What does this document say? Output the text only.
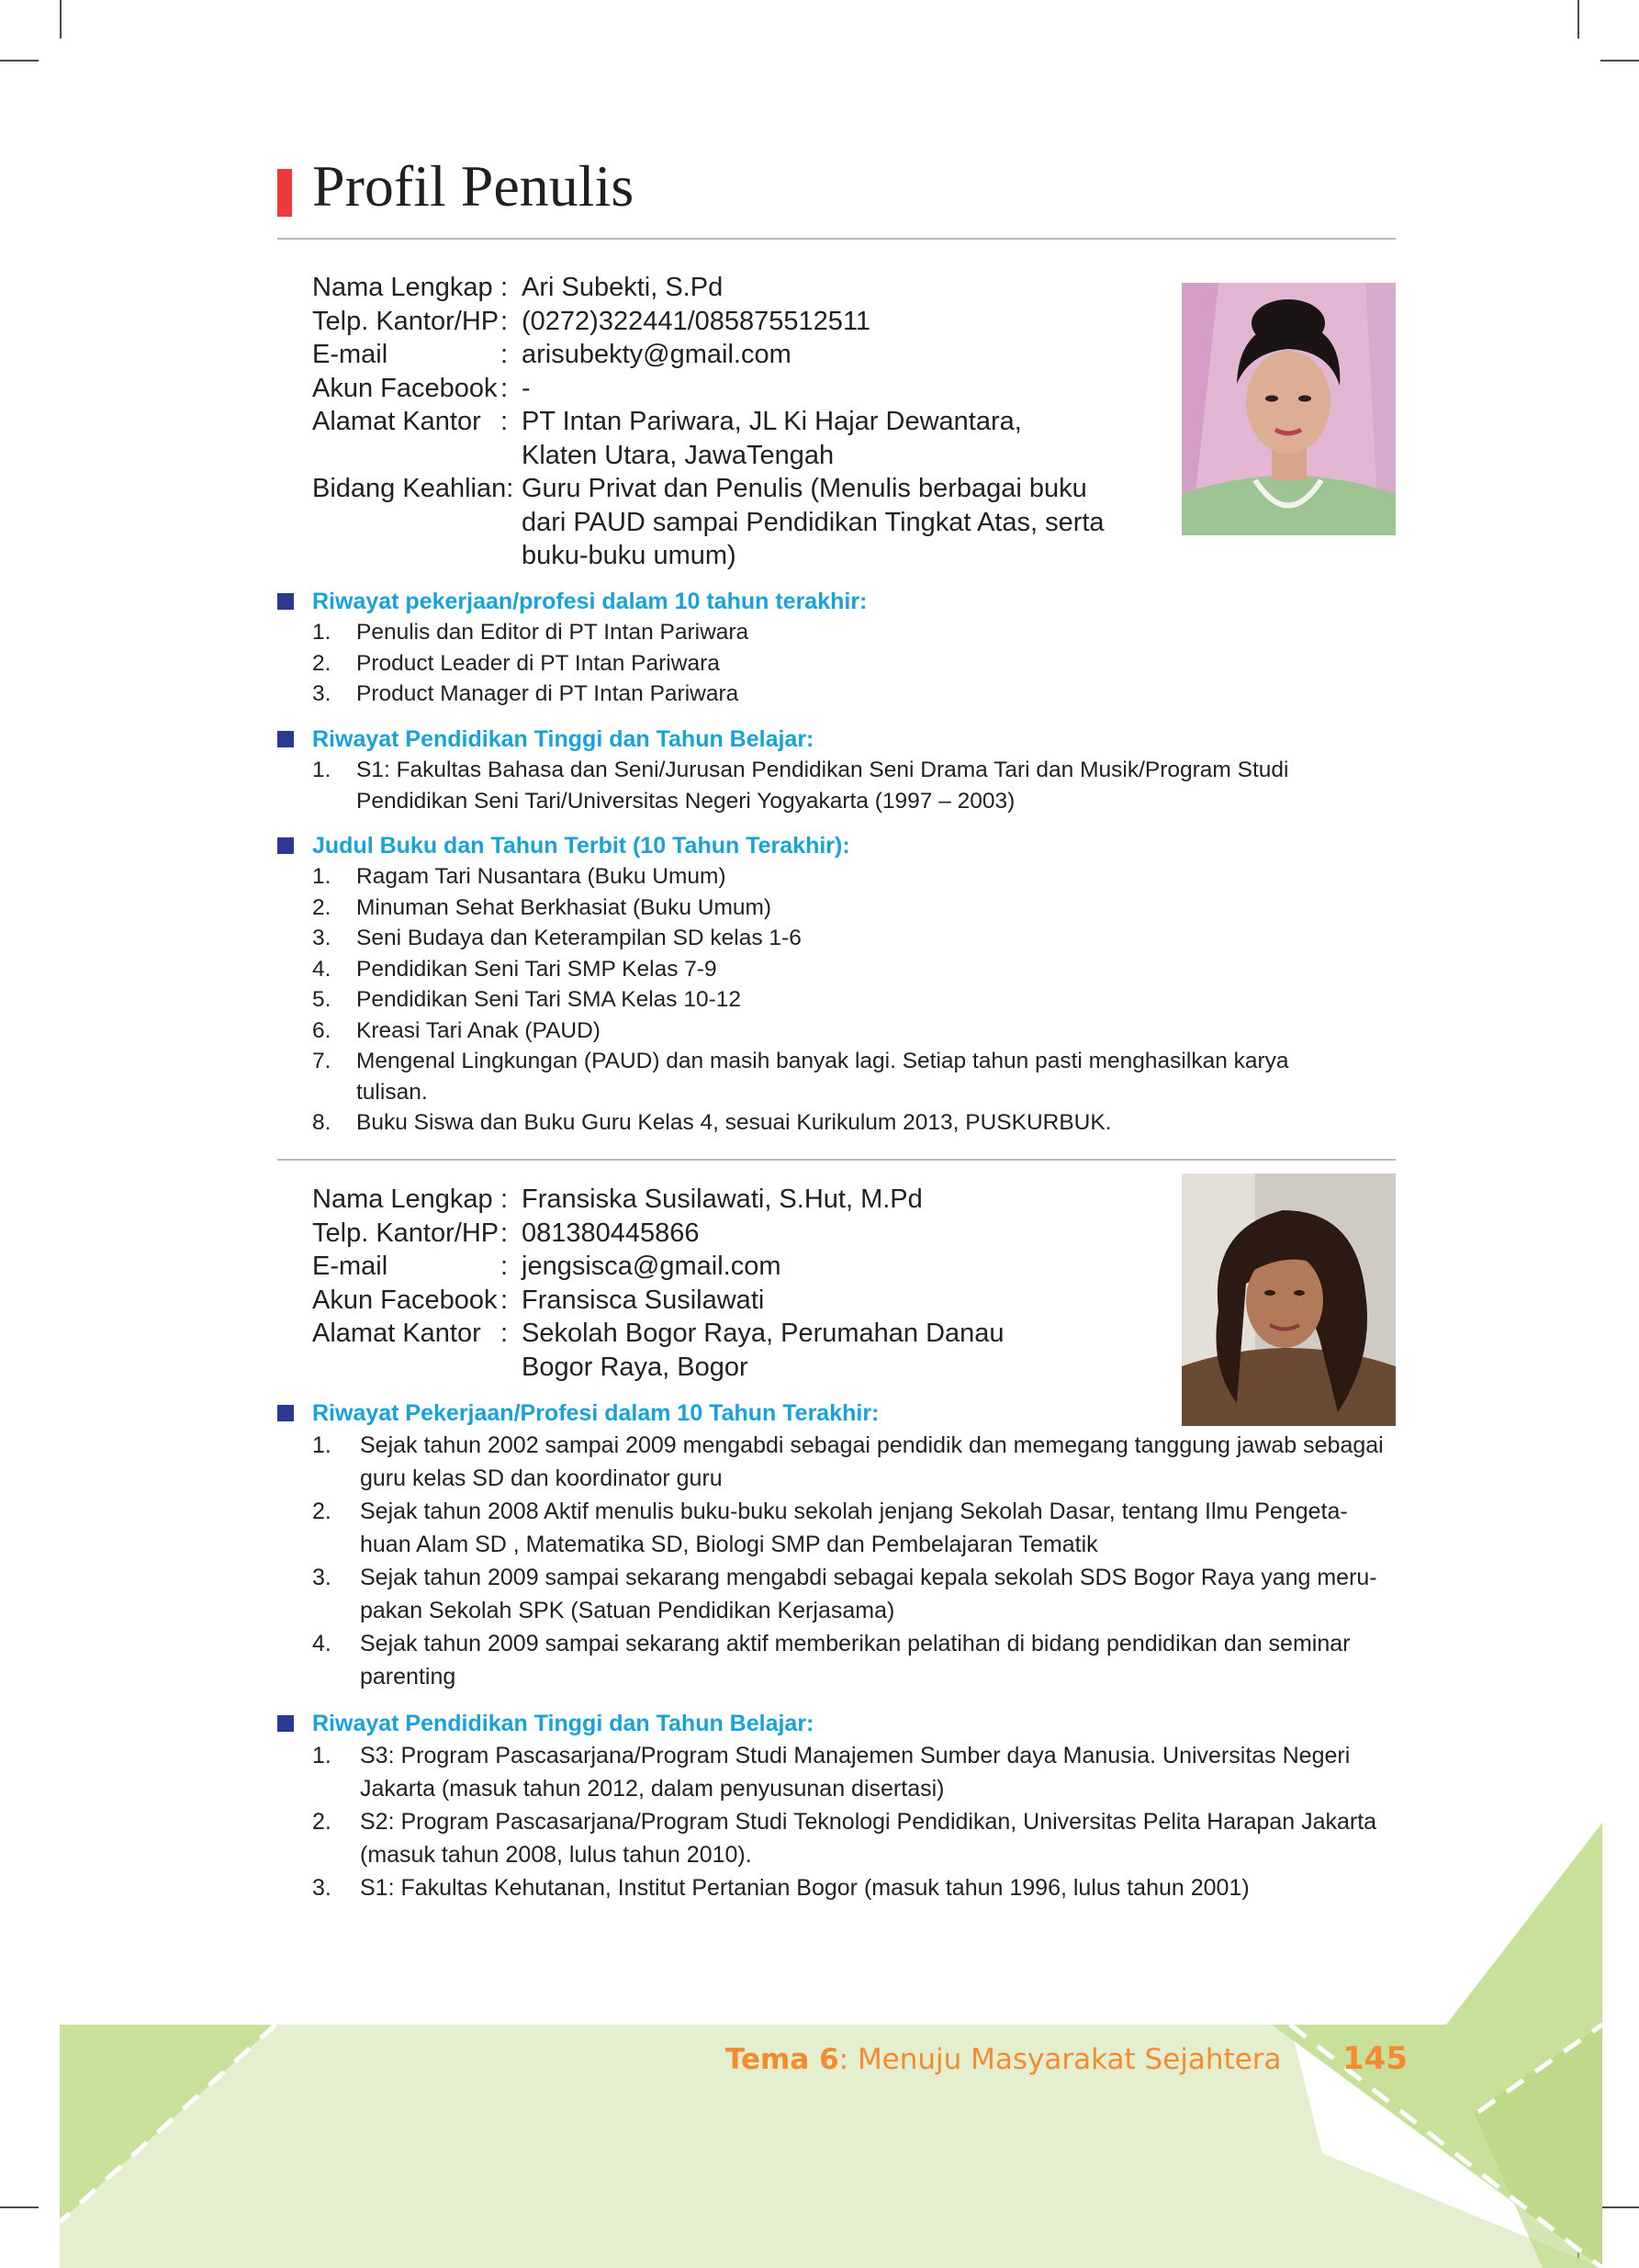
Profil Penulis
Nama Lengkap : Ari Subekti, S.Pd
Telp. Kantor/HP : (0272)322441/085875512511
E-mail	: arisubekty@gmail.com
Akun Facebook : -
Alamat Kantor : PT Intan Pariwara, JL Ki Hajar Dewantara, Klaten Utara, JawaTengah
Bidang Keahlian: Guru Privat dan Penulis (Menulis berbagai buku dari PAUD sampai Pendidikan Tingkat Atas, serta buku-buku umum)
Riwayat pekerjaan/profesi dalam 10 tahun terakhir:
1.	Penulis dan Editor di PT Intan Pariwara
2.	Product Leader di PT Intan Pariwara
3.	Product Manager di PT Intan Pariwara
Riwayat Pendidikan Tinggi dan Tahun Belajar:
1.	S1: Fakultas Bahasa dan Seni/Jurusan Pendidikan Seni Drama Tari dan Musik/Program Studi Pendidikan Seni Tari/Universitas Negeri Yogyakarta (1997 – 2003)
Judul Buku dan Tahun Terbit (10 Tahun Terakhir):
1.	Ragam Tari Nusantara (Buku Umum)
2.	Minuman Sehat Berkhasiat (Buku Umum)
3.	Seni Budaya dan Keterampilan SD kelas 1-6
4.	Pendidikan Seni Tari SMP Kelas 7-9
5.	Pendidikan Seni Tari SMA Kelas 10-12
6.	Kreasi Tari Anak (PAUD)
7.	Mengenal Lingkungan (PAUD) dan masih banyak lagi. Setiap tahun pasti menghasilkan karya tulisan.
8.	Buku Siswa dan Buku Guru Kelas 4, sesuai Kurikulum 2013, PUSKURBUK.
Nama Lengkap : Fransiska Susilawati, S.Hut, M.Pd
Telp. Kantor/HP : 081380445866
E-mail	: jengsisca@gmail.com
Akun Facebook : Fransisca Susilawati
Alamat Kantor : Sekolah Bogor Raya, Perumahan Danau Bogor Raya, Bogor
Riwayat Pekerjaan/Profesi dalam 10 Tahun Terakhir:
1.	Sejak tahun 2002 sampai 2009 mengabdi sebagai pendidik dan memegang tanggung jawab sebagai guru kelas SD dan koordinator guru
2.	Sejak tahun 2008 Aktif menulis buku-buku sekolah jenjang Sekolah Dasar, tentang Ilmu Pengeta-huan Alam SD , Matematika SD, Biologi SMP dan Pembelajaran Tematik
3.	Sejak tahun 2009 sampai sekarang mengabdi sebagai kepala sekolah SDS Bogor Raya yang meru-pakan Sekolah SPK (Satuan Pendidikan Kerjasama)
4.	Sejak tahun 2009 sampai sekarang aktif memberikan pelatihan di bidang pendidikan dan seminar parenting
Riwayat Pendidikan Tinggi dan Tahun Belajar:
1.	S3: Program Pascasarjana/Program Studi Manajemen Sumber daya Manusia. Universitas Negeri Jakarta (masuk tahun 2012, dalam penyusunan disertasi)
2.	S2: Program Pascasarjana/Program Studi Teknologi Pendidikan, Universitas Pelita Harapan Jakarta (masuk tahun 2008, lulus tahun 2010).
3.	S1: Fakultas Kehutanan, Institut Pertanian Bogor (masuk tahun 1996, lulus tahun 2001)
Tema 6: Menuju Masyarakat Sejahtera 145
